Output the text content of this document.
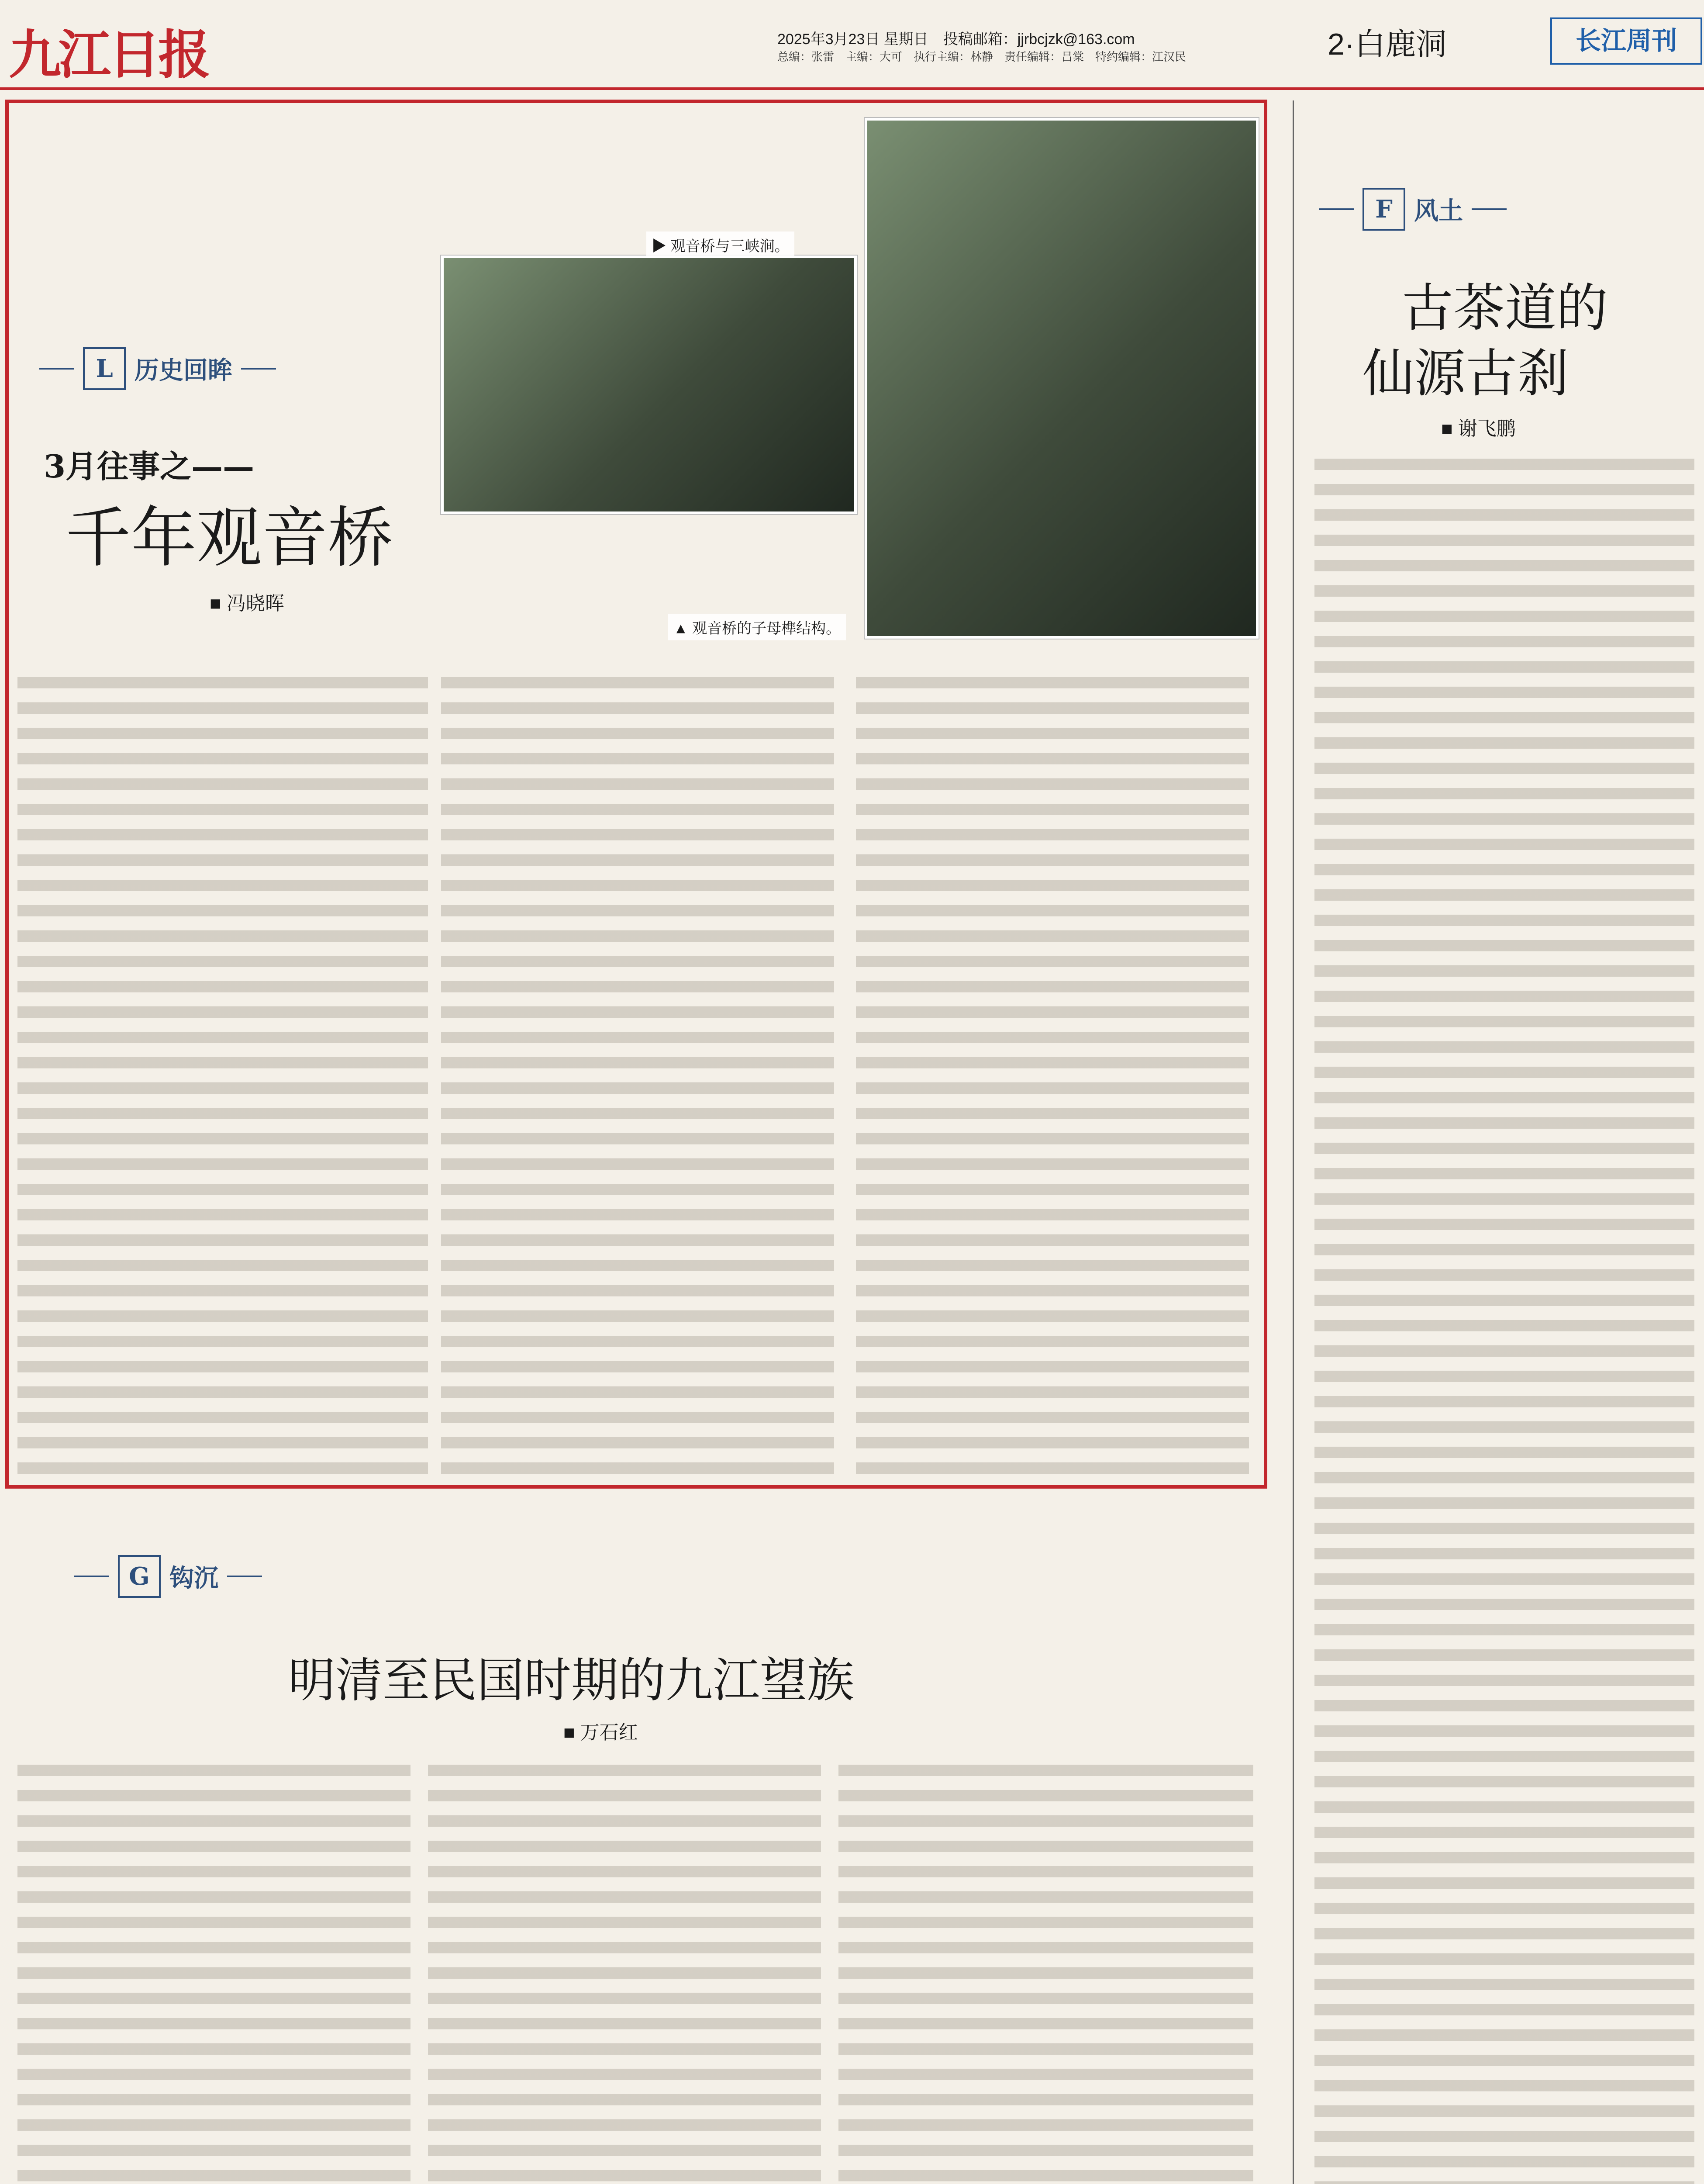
九江日报	2025年3月23日 星期日　 投稿邮箱：jjrbcjzk@163.com
总编：张雷　主编：大可　执行主编：林静　责任编辑：吕棠　特约编辑：江汉民	2·白鹿洞	长江周刊
L 历史回眸
3月往事之——
千年观音桥
■ 冯晓晖
▶ 观音桥与三峡涧。
▲ 观音桥的子母榫结构。
F 风土
古茶道的
仙源古刹
■ 谢飞鹏
G 钩沉
明清至民国时期的九江望族
■ 万石红
